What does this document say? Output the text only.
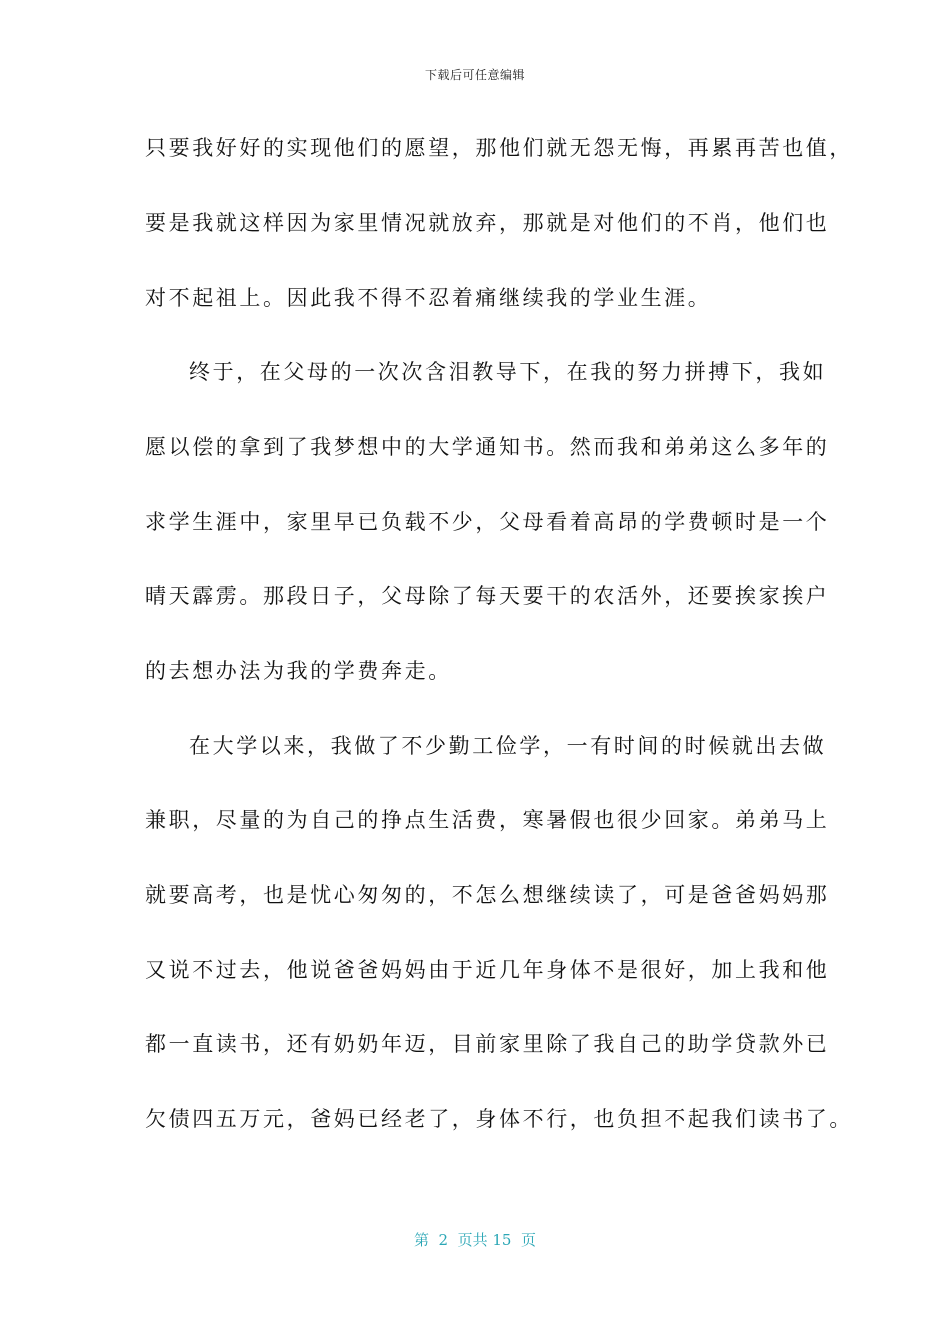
下载后可任意编辑
只要我好好的实现他们的愿望，那他们就无怨无悔，再累再苦也值，
要是我就这样因为家里情况就放弃，那就是对他们的不肖，他们也
对不起祖上。因此我不得不忍着痛继续我的学业生涯。
终于，在父母的一次次含泪教导下，在我的努力拼搏下，我如
愿以偿的拿到了我梦想中的大学通知书。然而我和弟弟这么多年的
求学生涯中，家里早已负载不少，父母看着高昂的学费顿时是一个
晴天霹雳。那段日子，父母除了每天要干的农活外，还要挨家挨户
的去想办法为我的学费奔走。
在大学以来，我做了不少勤工俭学，一有时间的时候就出去做
兼职，尽量的为自己的挣点生活费，寒暑假也很少回家。弟弟马上
就要高考，也是忧心匆匆的，不怎么想继续读了，可是爸爸妈妈那
又说不过去，他说爸爸妈妈由于近几年身体不是很好，加上我和他
都一直读书，还有奶奶年迈，目前家里除了我自己的助学贷款外已
欠债四五万元，爸妈已经老了，身体不行，也负担不起我们读书了。
第  2  页共 15  页
